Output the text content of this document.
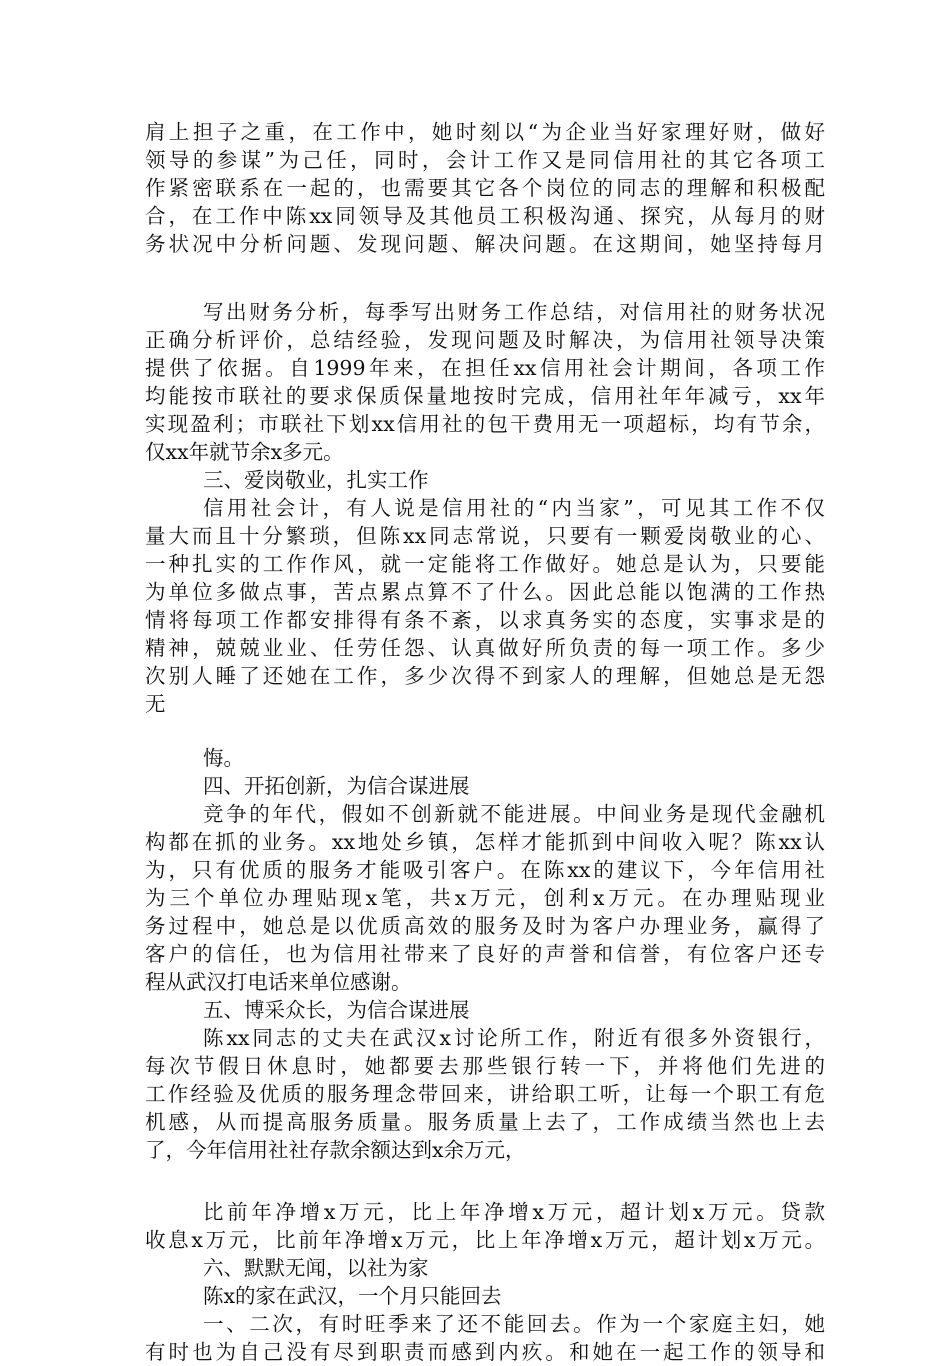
肩上担子之重，在工作中，她时刻以“为企业当好家理好财，做好
领导的参谋”为己任，同时，会计工作又是同信用社的其它各项工
作紧密联系在一起的，也需要其它各个岗位的同志的理解和积极配
合，在工作中陈xx同领导及其他员工积极沟通、探究，从每月的财
务状况中分析问题、发现问题、解决问题。在这期间，她坚持每月
写出财务分析，每季写出财务工作总结，对信用社的财务状况
正确分析评价，总结经验，发现问题及时解决，为信用社领导决策
提供了依据。自1999年来，在担任xx信用社会计期间，各项工作
均能按市联社的要求保质保量地按时完成，信用社年年减亏，xx年
实现盈利；市联社下划xx信用社的包干费用无一项超标，均有节余，
仅xx年就节余x多元。
三、爱岗敬业，扎实工作
信用社会计，有人说是信用社的“内当家”，可见其工作不仅
量大而且十分繁琐，但陈xx同志常说，只要有一颗爱岗敬业的心、
一种扎实的工作作风，就一定能将工作做好。她总是认为，只要能
为单位多做点事，苦点累点算不了什么。因此总能以饱满的工作热
情将每项工作都安排得有条不紊，以求真务实的态度，实事求是的
精神，兢兢业业、任劳任怨、认真做好所负责的每一项工作。多少
次别人睡了还她在工作，多少次得不到家人的理解，但她总是无怨
无
悔。
四、开拓创新，为信合谋进展
竞争的年代，假如不创新就不能进展。中间业务是现代金融机
构都在抓的业务。xx地处乡镇，怎样才能抓到中间收入呢？陈xx认
为，只有优质的服务才能吸引客户。在陈xx的建议下，今年信用社
为三个单位办理贴现x笔，共x万元，创利x万元。在办理贴现业
务过程中，她总是以优质高效的服务及时为客户办理业务，赢得了
客户的信任，也为信用社带来了良好的声誉和信誉，有位客户还专
程从武汉打电话来单位感谢。
五、博采众长，为信合谋进展
陈xx同志的丈夫在武汉x讨论所工作，附近有很多外资银行，
每次节假日休息时，她都要去那些银行转一下，并将他们先进的
工作经验及优质的服务理念带回来，讲给职工听，让每一个职工有危
机感，从而提高服务质量。服务质量上去了，工作成绩当然也上去
了，今年信用社社存款余额达到x余万元，
比前年净增x万元，比上年净增x万元，超计划x万元。贷款
收息x万元，比前年净增x万元，比上年净增x万元，超计划x万元。
六、默默无闻，以社为家
陈x的家在武汉，一个月只能回去
一、二次，有时旺季来了还不能回去。作为一个家庭主妇，她
有时也为自己没有尽到职责而感到内疚。和她在一起工作的领导和
